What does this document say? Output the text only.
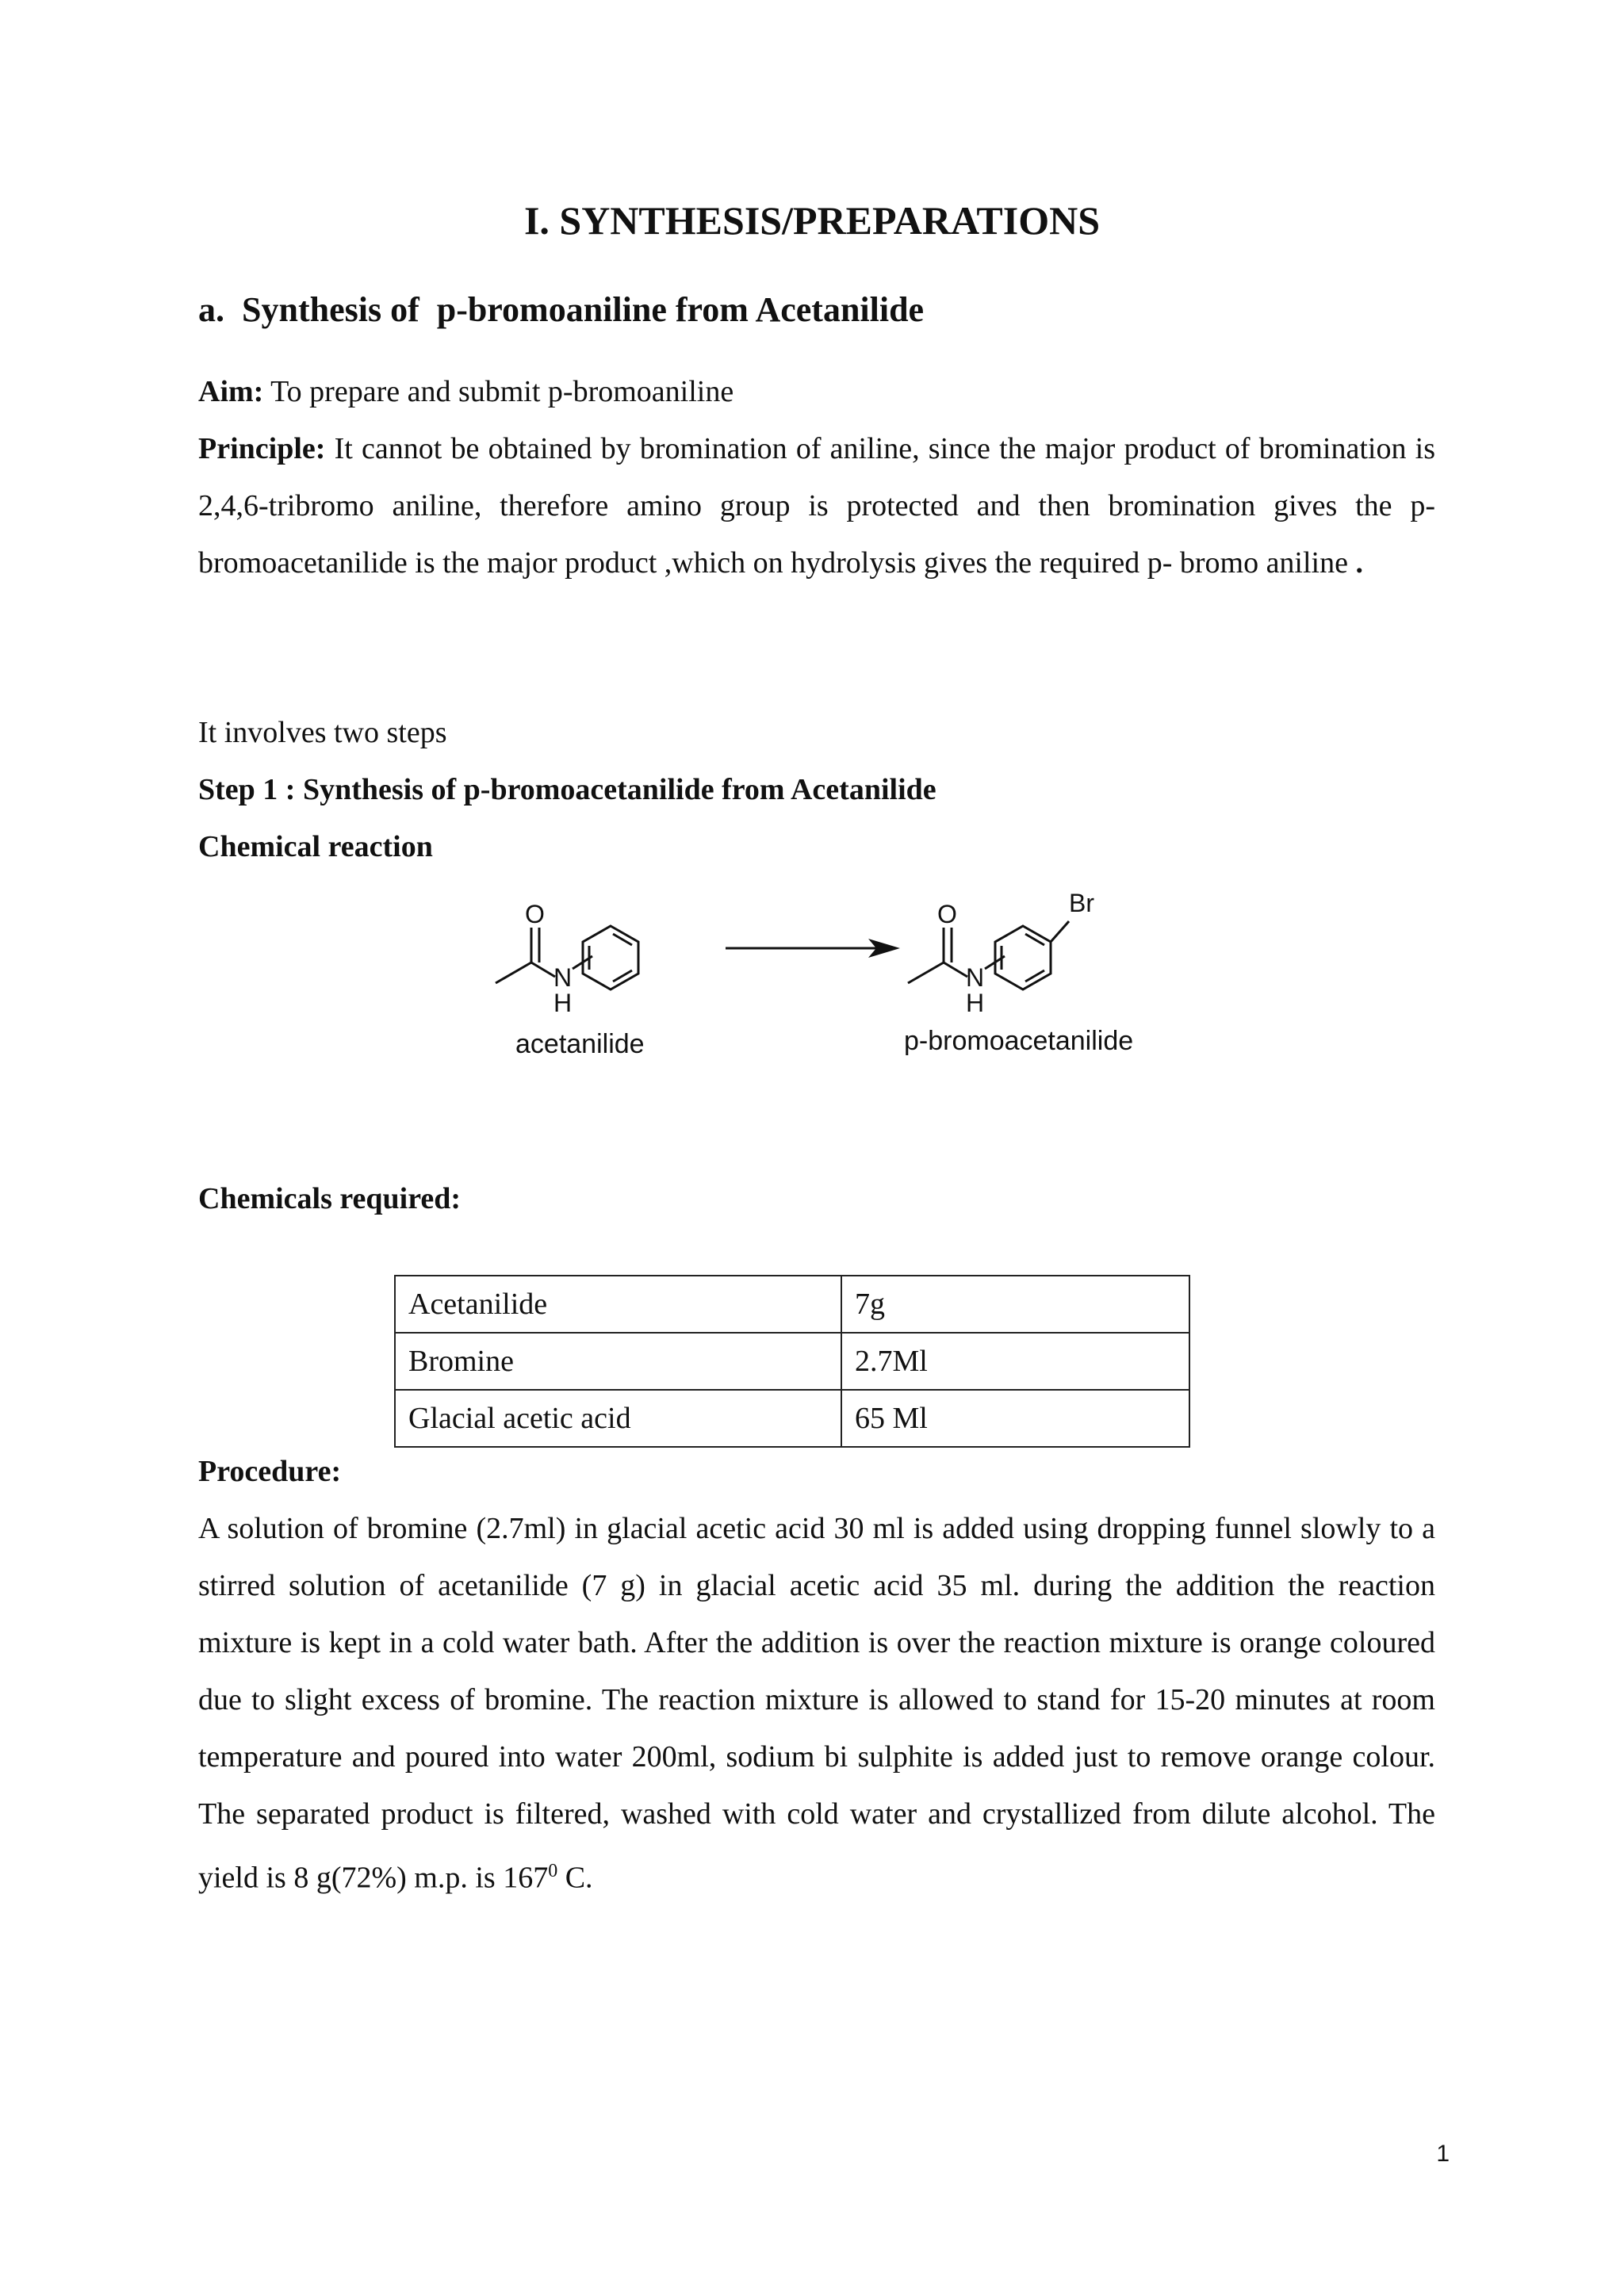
I. SYNTHESIS/PREPARATIONS
a. Synthesis of  p-bromoaniline from Acetanilide
Aim: To prepare and submit p-bromoaniline
Principle: It cannot be obtained by bromination of aniline, since the major product of bromination is 2,4,6-tribromo aniline, therefore amino group is protected and then bromination gives the p-bromoacetanilide is the major product ,which on hydrolysis gives the required p- bromo aniline .
It involves two steps
Step 1 : Synthesis of p-bromoacetanilide from Acetanilide
Chemical reaction
O
N
H
acetanilide
O
N
H
Br
p-bromoacetanilide
Chemicals required:
Acetanilide	7g
Bromine	2.7Ml
Glacial acetic acid	65 Ml
Procedure:

A solution of bromine (2.7ml) in glacial acetic acid 30 ml is added using dropping funnel slowly to a stirred solution of acetanilide (7 g) in glacial acetic acid 35 ml. during the addition the reaction mixture is kept in a cold water bath. After the addition is over the reaction mixture is orange coloured due to slight excess of bromine. The reaction mixture is allowed to stand for 15-20 minutes at room temperature and poured into water 200ml, sodium bi sulphite is added just to remove orange colour. The separated product is filtered, washed with cold water and crystallized from dilute alcohol. The yield is 8 g(72%) m.p. is $167^0$ C.

1
